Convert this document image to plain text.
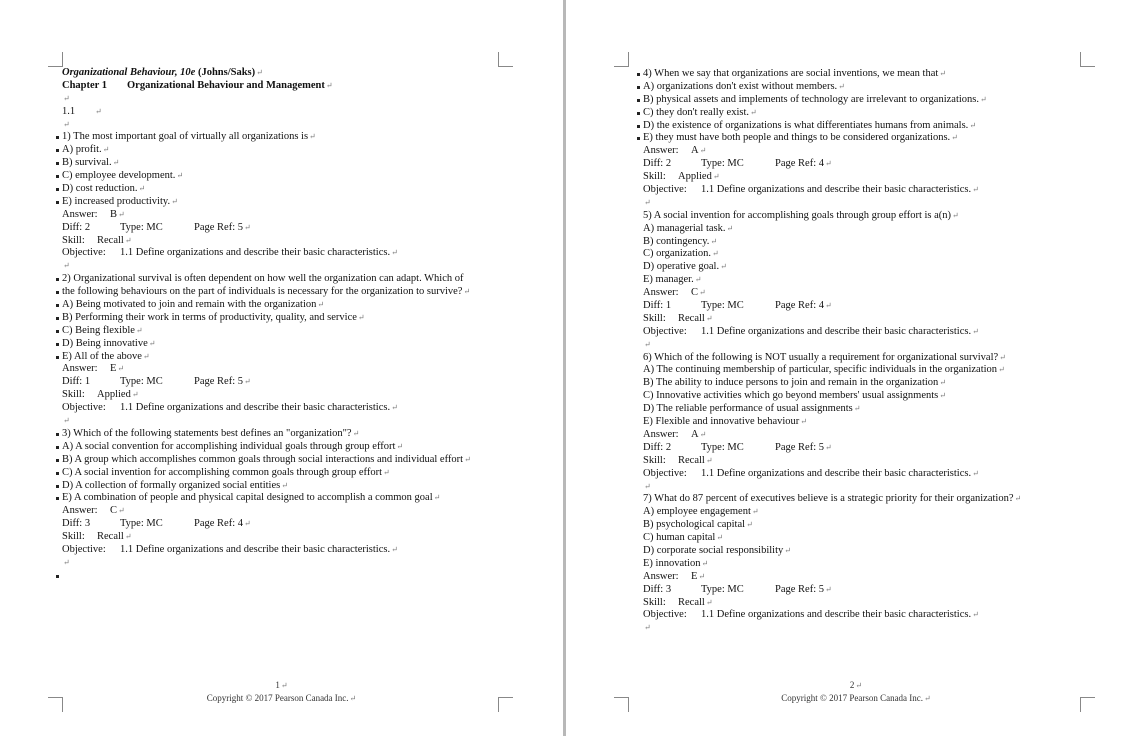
Organizational Behaviour, 10e (Johns/Saks)↵
Chapter 1 Organizational Behaviour and Management↵
↵
1.1 ↵
↵
1) The most important goal of virtually all organizations is↵
A) profit.↵
B) survival.↵
C) employee development.↵
D) cost reduction.↵
E) increased productivity.↵
Answer: B↵
Diff: 2	Type: MC	Page Ref: 5↵
Skill: Recall↵
Objective: 1.1 Define organizations and describe their basic characteristics.↵
↵
2) Organizational survival is often dependent on how well the organization can adapt. Which of
the following behaviours on the part of individuals is necessary for the organization to survive?↵
A) Being motivated to join and remain with the organization↵
B) Performing their work in terms of productivity, quality, and service↵
C) Being flexible↵
D) Being innovative↵
E) All of the above↵
Answer: E↵
Diff: 1	Type: MC	Page Ref: 5↵
Skill: Applied↵
Objective: 1.1 Define organizations and describe their basic characteristics.↵
↵
3) Which of the following statements best defines an "organization"?↵
A) A social convention for accomplishing individual goals through group effort↵
B) A group which accomplishes common goals through social interactions and individual effort↵
C) A social invention for accomplishing common goals through group effort↵
D) A collection of formally organized social entities↵
E) A combination of people and physical capital designed to accomplish a common goal↵
Answer: C↵
Diff: 3	Type: MC	Page Ref: 4↵
Skill: Recall↵
Objective: 1.1 Define organizations and describe their basic characteristics.↵
↵
1↵
Copyright © 2017 Pearson Canada Inc.↵
4) When we say that organizations are social inventions, we mean that↵
A) organizations don't exist without members.↵
B) physical assets and implements of technology are irrelevant to organizations.↵
C) they don't really exist.↵
D) the existence of organizations is what differentiates humans from animals.↵
E) they must have both people and things to be considered organizations.↵
Answer: A↵
Diff: 2	Type: MC	Page Ref: 4↵
Skill: Applied↵
Objective: 1.1 Define organizations and describe their basic characteristics.↵
↵
5) A social invention for accomplishing goals through group effort is a(n)↵
A) managerial task.↵
B) contingency.↵
C) organization.↵
D) operative goal.↵
E) manager.↵
Answer: C↵
Diff: 1	Type: MC	Page Ref: 4↵
Skill: Recall↵
Objective: 1.1 Define organizations and describe their basic characteristics.↵
↵
6) Which of the following is NOT usually a requirement for organizational survival?↵
A) The continuing membership of particular, specific individuals in the organization↵
B) The ability to induce persons to join and remain in the organization↵
C) Innovative activities which go beyond members' usual assignments↵
D) The reliable performance of usual assignments↵
E) Flexible and innovative behaviour↵
Answer: A↵
Diff: 2	Type: MC	Page Ref: 5↵
Skill: Recall↵
Objective: 1.1 Define organizations and describe their basic characteristics.↵
↵
7) What do 87 percent of executives believe is a strategic priority for their organization?↵
A) employee engagement↵
B) psychological capital↵
C) human capital↵
D) corporate social responsibility↵
E) innovation↵
Answer: E↵
Diff: 3	Type: MC	Page Ref: 5↵
Skill: Recall↵
Objective: 1.1 Define organizations and describe their basic characteristics.↵
↵
2↵
Copyright © 2017 Pearson Canada Inc.↵
